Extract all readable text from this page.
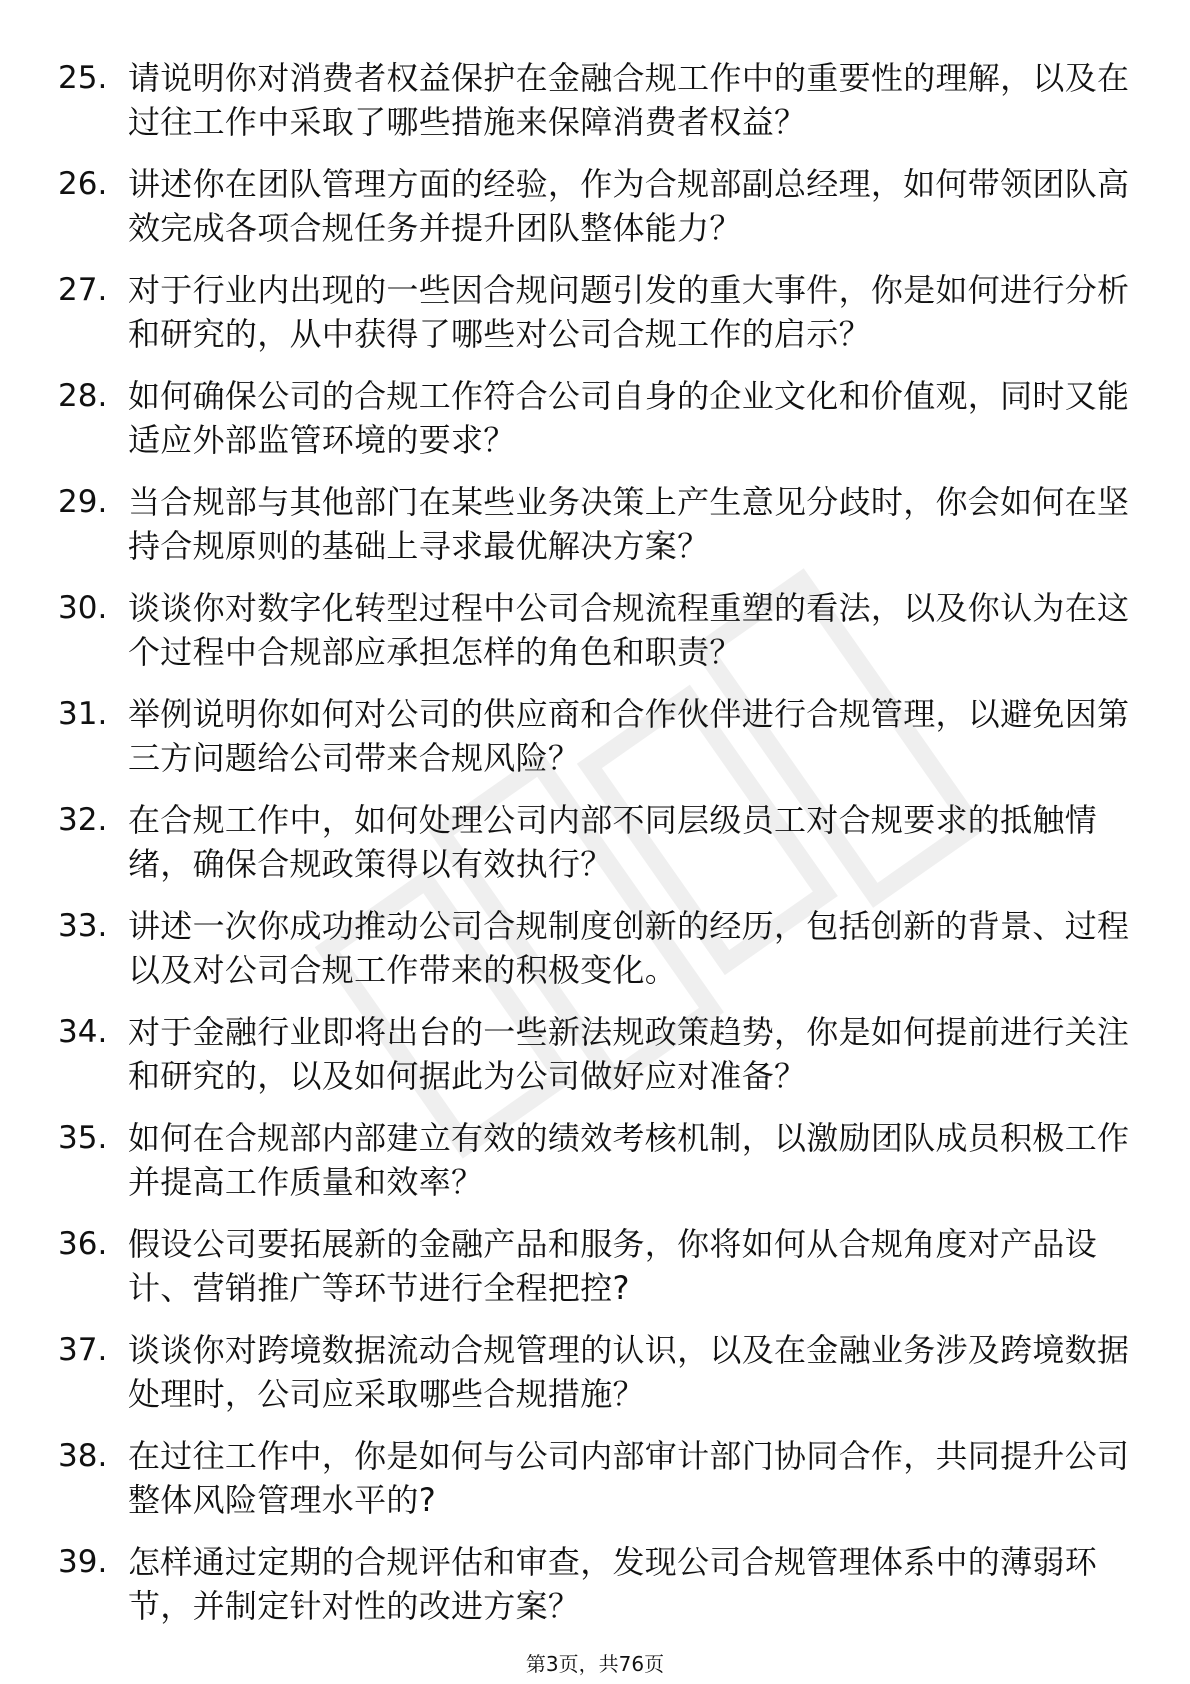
25. 请说明你对消费者权益保护在金融合规工作中的重要性的理解，以及在过往工作中采取了哪些措施来保障消费者权益？
26. 讲述你在团队管理方面的经验，作为合规部副总经理，如何带领团队高效完成各项合规任务并提升团队整体能力？
27. 对于行业内出现的一些因合规问题引发的重大事件，你是如何进行分析和研究的，从中获得了哪些对公司合规工作的启示？
28. 如何确保公司的合规工作符合公司自身的企业文化和价值观，同时又能适应外部监管环境的要求？
29. 当合规部与其他部门在某些业务决策上产生意见分歧时，你会如何在坚持合规原则的基础上寻求最优解决方案？
30. 谈谈你对数字化转型过程中公司合规流程重塑的看法，以及你认为在这个过程中合规部应承担怎样的角色和职责？
31. 举例说明你如何对公司的供应商和合作伙伴进行合规管理，以避免因第三方问题给公司带来合规风险？
32. 在合规工作中，如何处理公司内部不同层级员工对合规要求的抵触情绪，确保合规政策得以有效执行？
33. 讲述一次你成功推动公司合规制度创新的经历，包括创新的背景、过程以及对公司合规工作带来的积极变化。
34. 对于金融行业即将出台的一些新法规政策趋势，你是如何提前进行关注和研究的，以及如何据此为公司做好应对准备？
35. 如何在合规部内部建立有效的绩效考核机制，以激励团队成员积极工作并提高工作质量和效率？
36. 假设公司要拓展新的金融产品和服务，你将如何从合规角度对产品设计、营销推广等环节进行全程把控?
37. 谈谈你对跨境数据流动合规管理的认识，以及在金融业务涉及跨境数据处理时，公司应采取哪些合规措施？
38. 在过往工作中，你是如何与公司内部审计部门协同合作，共同提升公司整体风险管理水平的?
39. 怎样通过定期的合规评估和审查，发现公司合规管理体系中的薄弱环节，并制定针对性的改进方案？
第3页，共76页
